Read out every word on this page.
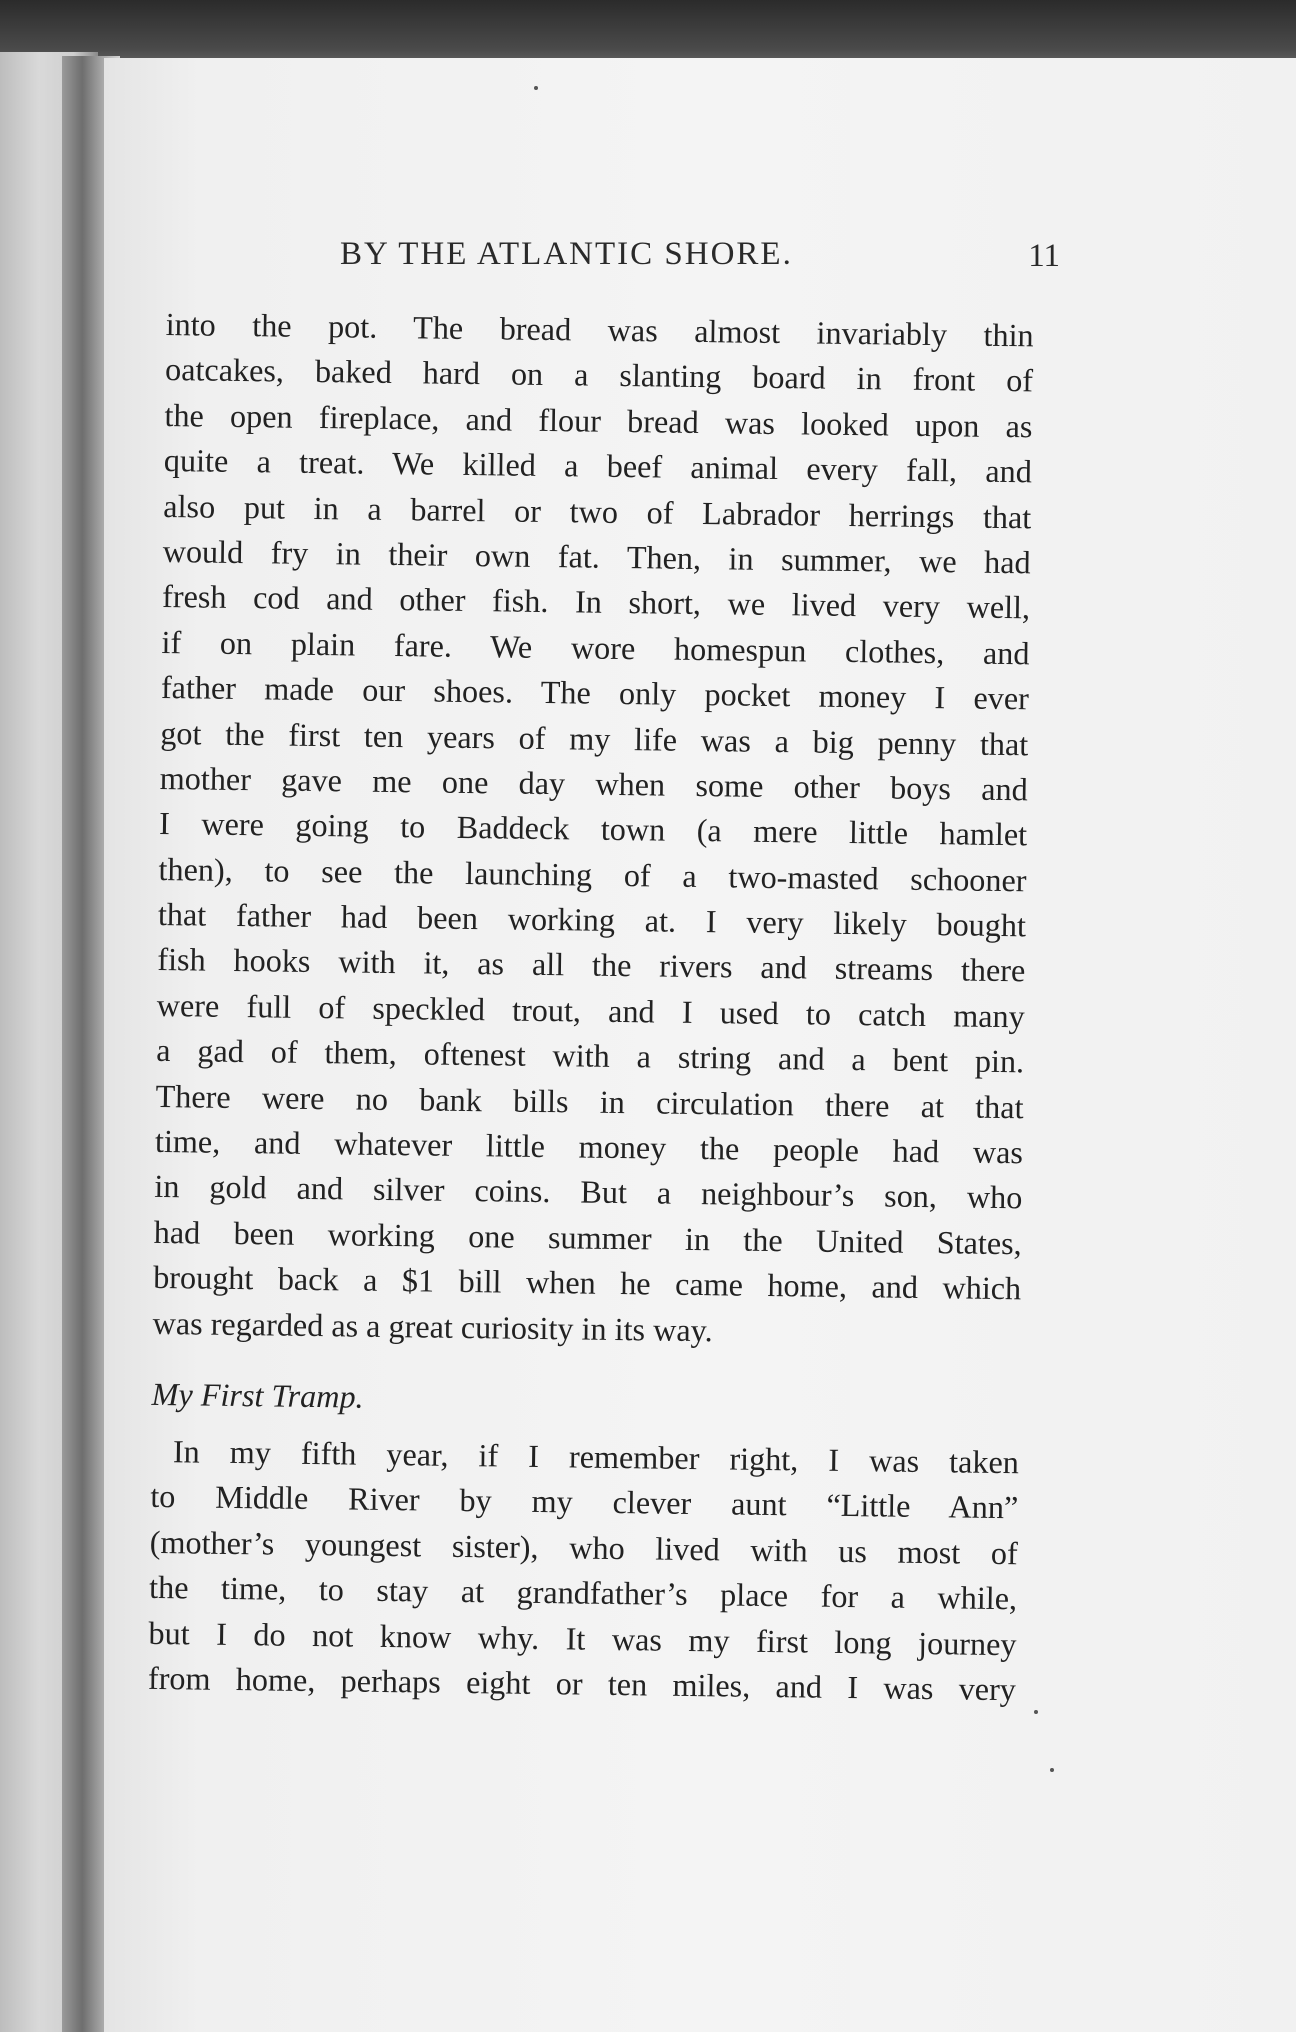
BY THE ATLANTIC SHORE.	11
into the pot. The bread was almost invariably thin
oatcakes, baked hard on a slanting board in front of
the open fireplace, and flour bread was looked upon as
quite a treat. We killed a beef animal every fall, and
also put in a barrel or two of Labrador herrings that
would fry in their own fat. Then, in summer, we had
fresh cod and other fish. In short, we lived very well,
if on plain fare. We wore homespun clothes, and
father made our shoes. The only pocket money I ever
got the first ten years of my life was a big penny that
mother gave me one day when some other boys and
I were going to Baddeck town (a mere little hamlet
then), to see the launching of a two-masted schooner
that father had been working at. I very likely bought
fish hooks with it, as all the rivers and streams there
were full of speckled trout, and I used to catch many
a gad of them, oftenest with a string and a bent pin.
There were no bank bills in circulation there at that
time, and whatever little money the people had was
in gold and silver coins. But a neighbour’s son, who
had been working one summer in the United States,
brought back a $1 bill when he came home, and which
was regarded as a great curiosity in its way.
My First Tramp.
In my fifth year, if I remember right, I was taken
to Middle River by my clever aunt “Little Ann”
(mother’s youngest sister), who lived with us most of
the time, to stay at grandfather’s place for a while,
but I do not know why. It was my first long journey
from home, perhaps eight or ten miles, and I was very
